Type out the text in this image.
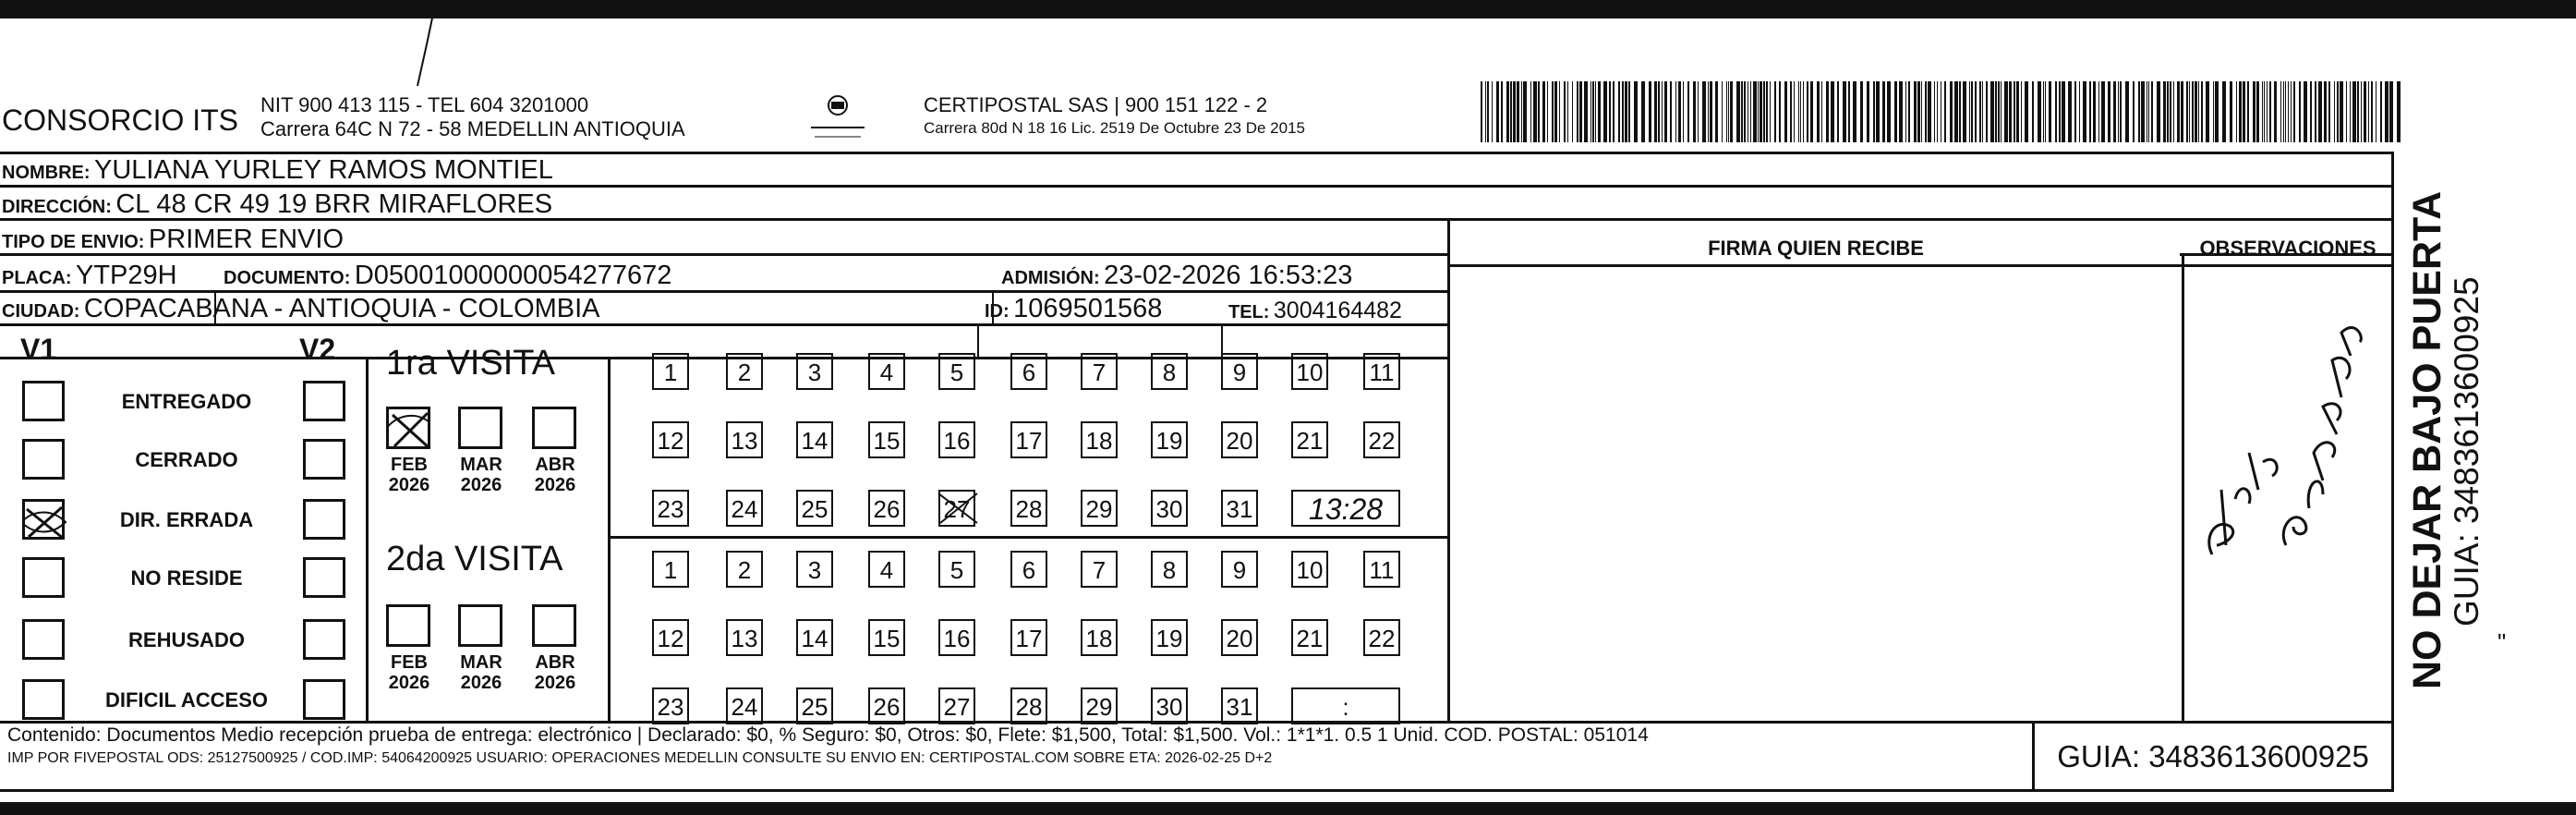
CONSORCIO ITS NIT 900 413 115 - TEL 604 3201000
Carrera 64C N 72 - 58 MEDELLIN ANTIOQUIA
CERTIPOSTAL SAS | 900 151 122 - 2
Carrera 80d N 18 16 Lic. 2519 De Octubre 23 De 2015
NOMBRE: YULIANA YURLEY RAMOS MONTIEL
DIRECCIÓN: CL 48 CR 49 19 BRR MIRAFLORES
TIPO DE ENVIO: PRIMER ENVIO
PLACA: YTP29H	DOCUMENTO: D05001000000054277672	ADMISIÓN: 23-02-2026 16:53:23
CIUDAD: COPACABANA - ANTIOQUIA - COLOMBIA	ID: 1069501568	TEL: 3004164482
FIRMA QUIEN RECIBE	OBSERVACIONES
V1	V2
ENTREGADO
CERRADO
DIR. ERRADA
NO RESIDE
REHUSADO
DIFICIL ACCESO
1ra VISITA
2da VISITA
FEB
2026
MAR
2026
ABR
2026
1	2	3	4	5	6	7	8	9	10 11
12 13 14 15 16 17 18 19 20 21 22
23 24 25 26 27 28 29 30 31	13:28
FEB
2026
MAR
2026
ABR
2026
1	2	3	4	5	6	7	8	9	10 11
12 13 14 15 16 17 18 19 20 21 22
23 24 25 26 27 28 29 30 31	:
Por No aparecer
Contenido: Documentos Medio recepción prueba de entrega: electrónico | Declarado: $0, % Seguro: $0, Otros: $0, Flete: $1,500, Total: $1,500. Vol.: 1*1*1. 0.5 1 Unid. COD. POSTAL: 051014
IMP POR FIVEPOSTAL ODS: 25127500925 / COD.IMP: 54064200925 USUARIO: OPERACIONES MEDELLIN CONSULTE SU ENVIO EN: CERTIPOSTAL.COM SOBRE ETA: 2026-02-25 D+2	GUIA: 3483613600925
NO DEJAR BAJO PUERTA
GUIA: 3483613600925
"
